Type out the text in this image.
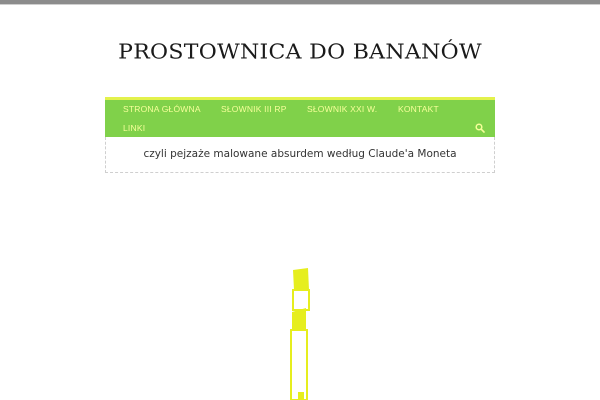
PROSTOWNICA DO BANANÓW
STRONA GŁÓWNA SŁOWNIK III RP SŁOWNIK XXI W. KONTAKT
LINKI
czyli pejzaże malowane absurdem według Claude'a Moneta
